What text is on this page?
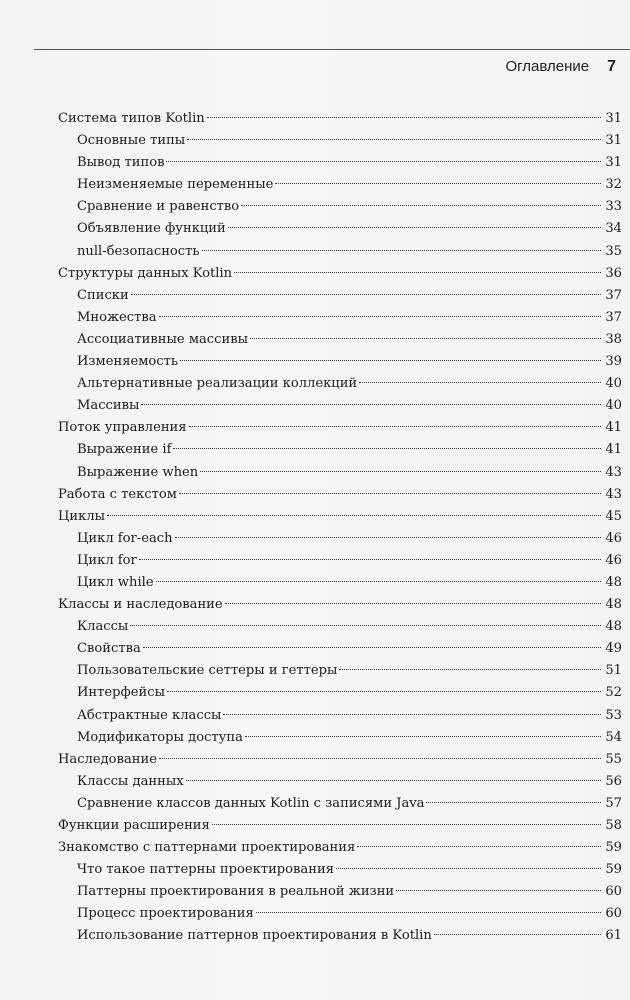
Оглавление 7
Система типов Kotlin	31
Основные типы	31
Вывод типов	31
Неизменяемые переменные	32
Сравнение и равенство	33
Объявление функций	34
null-безопасность	35
Структуры данных Kotlin	36
Списки	37
Множества	37
Ассоциативные массивы	38
Изменяемость	39
Альтернативные реализации коллекций	40
Массивы	40
Поток управления	41
Выражение if	41
Выражение when	43
Работа с текстом	43
Циклы	45
Цикл for-each	46
Цикл for	46
Цикл while	48
Классы и наследование	48
Классы	48
Свойства	49
Пользовательские сеттеры и геттеры	51
Интерфейсы	52
Абстрактные классы	53
Модификаторы доступа	54
Наследование	55
Классы данных	56
Сравнение классов данных Kotlin с записями Java	57
Функции расширения	58
Знакомство с паттернами проектирования	59
Что такое паттерны проектирования	59
Паттерны проектирования в реальной жизни	60
Процесс проектирования	60
Использование паттернов проектирования в Kotlin	61
